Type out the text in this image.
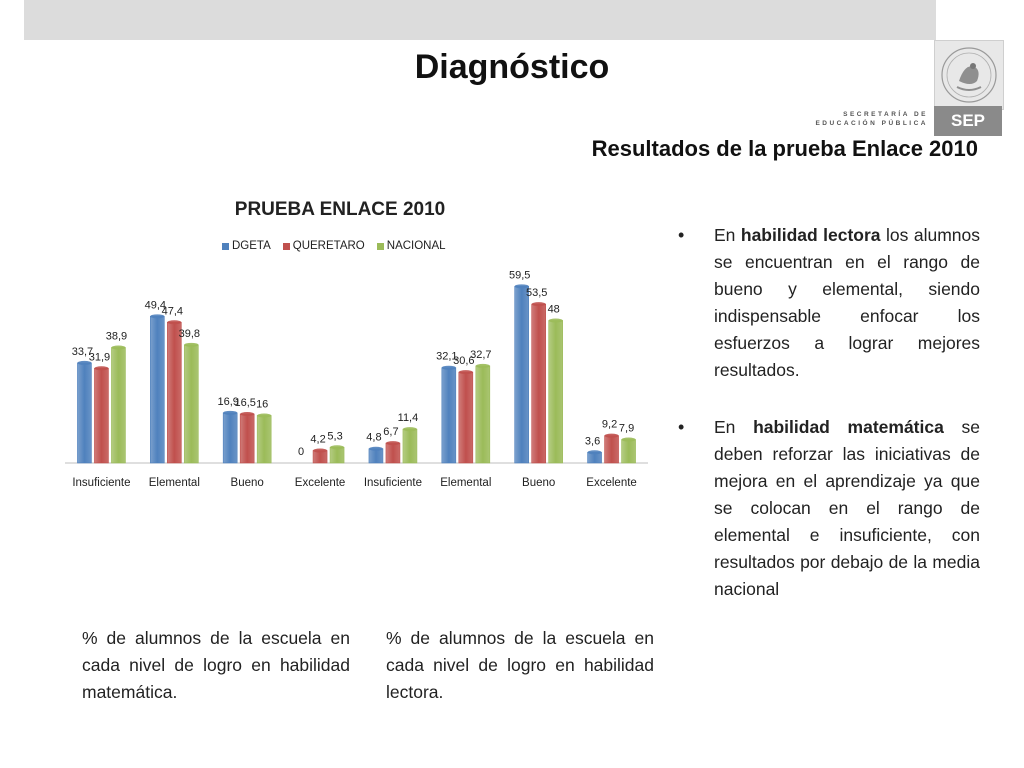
Diagnóstico
SECRETARÍA DE
EDUCACIÓN PÚBLICA	SEP
Resultados de la prueba Enlace 2010
PRUEBA ENLACE 2010
DGETA QUERETARO NACIONAL
33,7
31,9
38,9
Insuficiente
49,4
47,4
39,8
Elemental
16,9
16,5 16
Bueno
0
4,2 5,3
Excelente
4,8 6,7
11,4
Insuficiente
32,1
30,6
32,7
Elemental
59,5
53,5
48
Bueno
3,6
9,2 7,9
Excelente
• En habilidad lectora los alumnos se encuentran en el rango de bueno y elemental, siendo indispensable enfocar los esfuerzos a lograr mejores resultados.
• En habilidad matemática se deben reforzar las iniciativas de mejora en el aprendizaje ya que se colocan en el rango de elemental e insuficiente, con resultados por debajo de la media nacional
% de alumnos de la escuela en cada nivel de logro en habilidad matemática.
% de alumnos de la escuela en cada nivel de logro en habilidad lectora.
